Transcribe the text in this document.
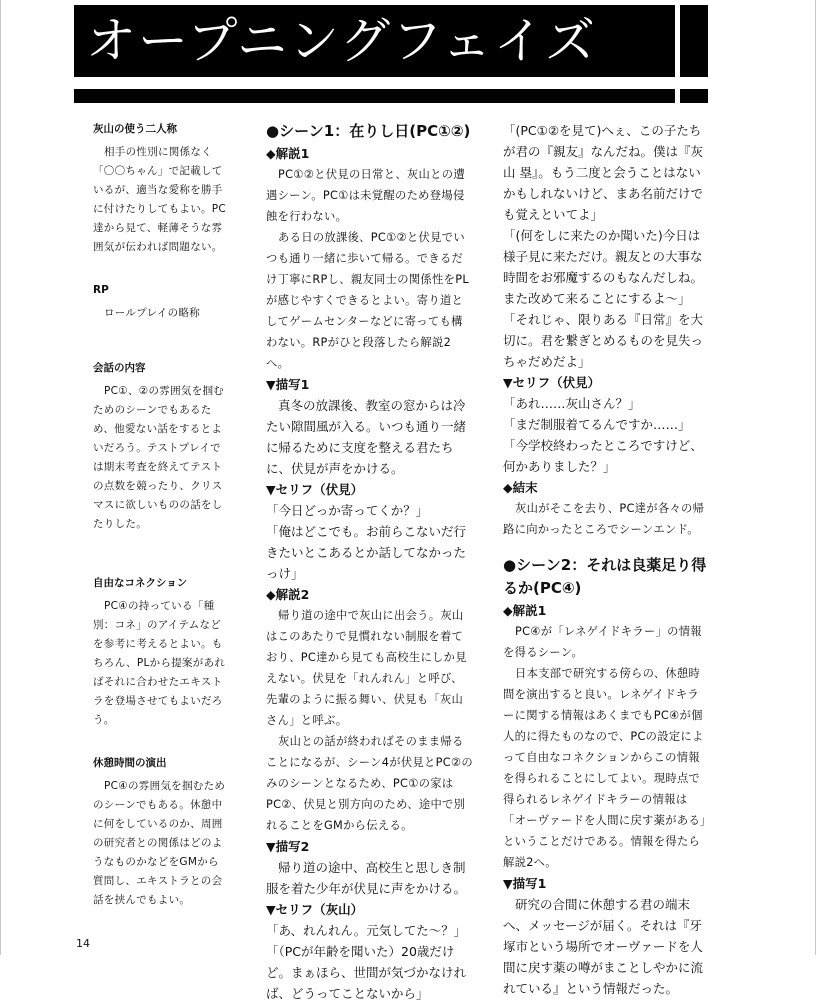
オープニングフェイズ
灰山の使う二人称
相手の性別に関係なく「〇〇ちゃん」で記載しているが、適当な愛称を勝手に付けたりしてもよい。PC達から見て、軽薄そうな雰囲気が伝われば問題ない。
RP
ロールプレイの略称
会話の内容
PC①、②の雰囲気を掴むためのシーンでもあるため、他愛ない話をするとよいだろう。テストプレイでは期末考査を終えてテストの点数を競ったり、クリスマスに欲しいものの話をしたりした。
自由なコネクション
PC④の持っている「種別：コネ」のアイテムなどを参考に考えるとよい。もちろん、PLから提案があればそれに合わせたエキストラを登場させてもよいだろう。
休憩時間の演出
PC④の雰囲気を掴むためのシーンでもある。休憩中に何をしているのか、周囲の研究者との関係はどのようなものかなどをGMから質問し、エキストラとの会話を挟んでもよい。

●シーン1：在りし日(PC①②)

◆解説1

PC①②と伏見の日常と、灰山との遭遇シーン。PC①は未覚醒のため登場侵蝕を行わない。

ある日の放課後、PC①②と伏見でいつも通り一緒に歩いて帰る。できるだけ丁寧にRPし、親友同士の関係性をPLが感じやすくできるとよい。寄り道としてゲームセンターなどに寄っても構わない。RPがひと段落したら解説2へ。

▼描写1

真冬の放課後、教室の窓からは冷たい隙間風が入る。いつも通り一緒に帰るために支度を整える君たちに、伏見が声をかける。

▼セリフ（伏見）

「今日どっか寄ってくか？」

「俺はどこでも。お前らこないだ行きたいとこあるとか話してなかったっけ」

◆解説2

帰り道の途中で灰山に出会う。灰山はこのあたりで見慣れない制服を着ており、PC達から見ても高校生にしか見えない。伏見を「れんれん」と呼び、先輩のように振る舞い、伏見も「灰山さん」と呼ぶ。

灰山との話が終わればそのまま帰ることになるが、シーン4が伏見とPC②のみのシーンとなるため、PC①の家はPC②、伏見と別方向のため、途中で別れることをGMから伝える。

▼描写2

帰り道の途中、高校生と思しき制服を着た少年が伏見に声をかける。

▼セリフ（灰山）

「あ、れんれん。元気してた〜？」

「（PCが年齢を聞いた）20歳だけど。まぁほら、世間が気づかなければ、どうってことないから」

「(PC①②を見て)へぇ、この子たちが君の『親友』なんだね。僕は『灰山 塁』。もう二度と会うことはないかもしれないけど、まあ名前だけでも覚えといてよ」

「(何をしに来たのか聞いた)今日は様子見に来ただけ。親友との大事な時間をお邪魔するのもなんだしね。また改めて来ることにするよ〜」

「それじゃ、限りある『日常』を大切に。君を繋ぎとめるものを見失っちゃだめだよ」

▼セリフ（伏見）

「あれ……灰山さん？」

「まだ制服着てるんですか……」

「今学校終わったところですけど、何かありました？」

◆結末

灰山がそこを去り、PC達が各々の帰路に向かったところでシーンエンド。

●シーン2：それは良薬足り得るか(PC④)

◆解説1

PC④が「レネゲイドキラー」の情報を得るシーン。

日本支部で研究する傍らの、休憩時間を演出すると良い。レネゲイドキラーに関する情報はあくまでもPC④が個人的に得たものなので、PCの設定によって自由なコネクションからこの情報を得られることにしてよい。現時点で得られるレネゲイドキラーの情報は「オーヴァードを人間に戻す薬がある」ということだけである。情報を得たら解説2へ。

▼描写1

研究の合間に休憩する君の端末へ、メッセージが届く。それは『牙塚市という場所でオーヴァードを人間に戻す薬の噂がまことしやかに流れている』という情報だった。

14
